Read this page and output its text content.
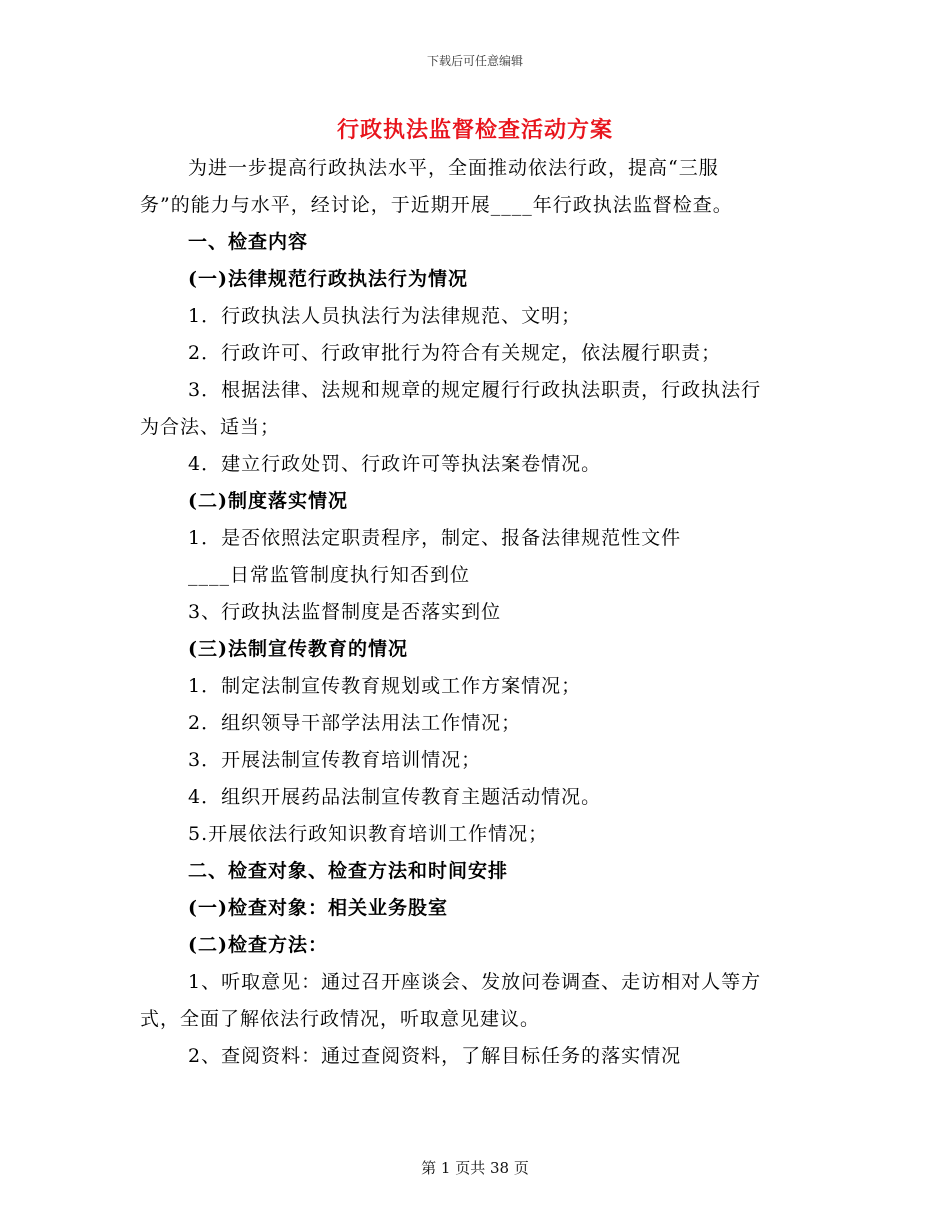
下载后可任意编辑
行政执法监督检查活动方案
为进一步提高行政执法水平，全面推动依法行政，提高“三服
务”的能力与水平，经讨论，于近期开展____年行政执法监督检查。
一、检查内容
(一)法律规范行政执法行为情况
1．行政执法人员执法行为法律规范、文明；
2．行政许可、行政审批行为符合有关规定，依法履行职责；
3．根据法律、法规和规章的规定履行行政执法职责，行政执法行
为合法、适当；
4．建立行政处罚、行政许可等执法案卷情况。
(二)制度落实情况
1．是否依照法定职责程序，制定、报备法律规范性文件
____日常监管制度执行知否到位
3、行政执法监督制度是否落实到位
(三)法制宣传教育的情况
1．制定法制宣传教育规划或工作方案情况；
2．组织领导干部学法用法工作情况；
3．开展法制宣传教育培训情况；
4．组织开展药品法制宣传教育主题活动情况。
5.开展依法行政知识教育培训工作情况；
二、检查对象、检查方法和时间安排
(一)检查对象：相关业务股室
(二)检查方法：
1、听取意见：通过召开座谈会、发放问卷调查、走访相对人等方
式，全面了解依法行政情况，听取意见建议。
2、查阅资料：通过查阅资料，了解目标任务的落实情况
第 1 页共 38 页
